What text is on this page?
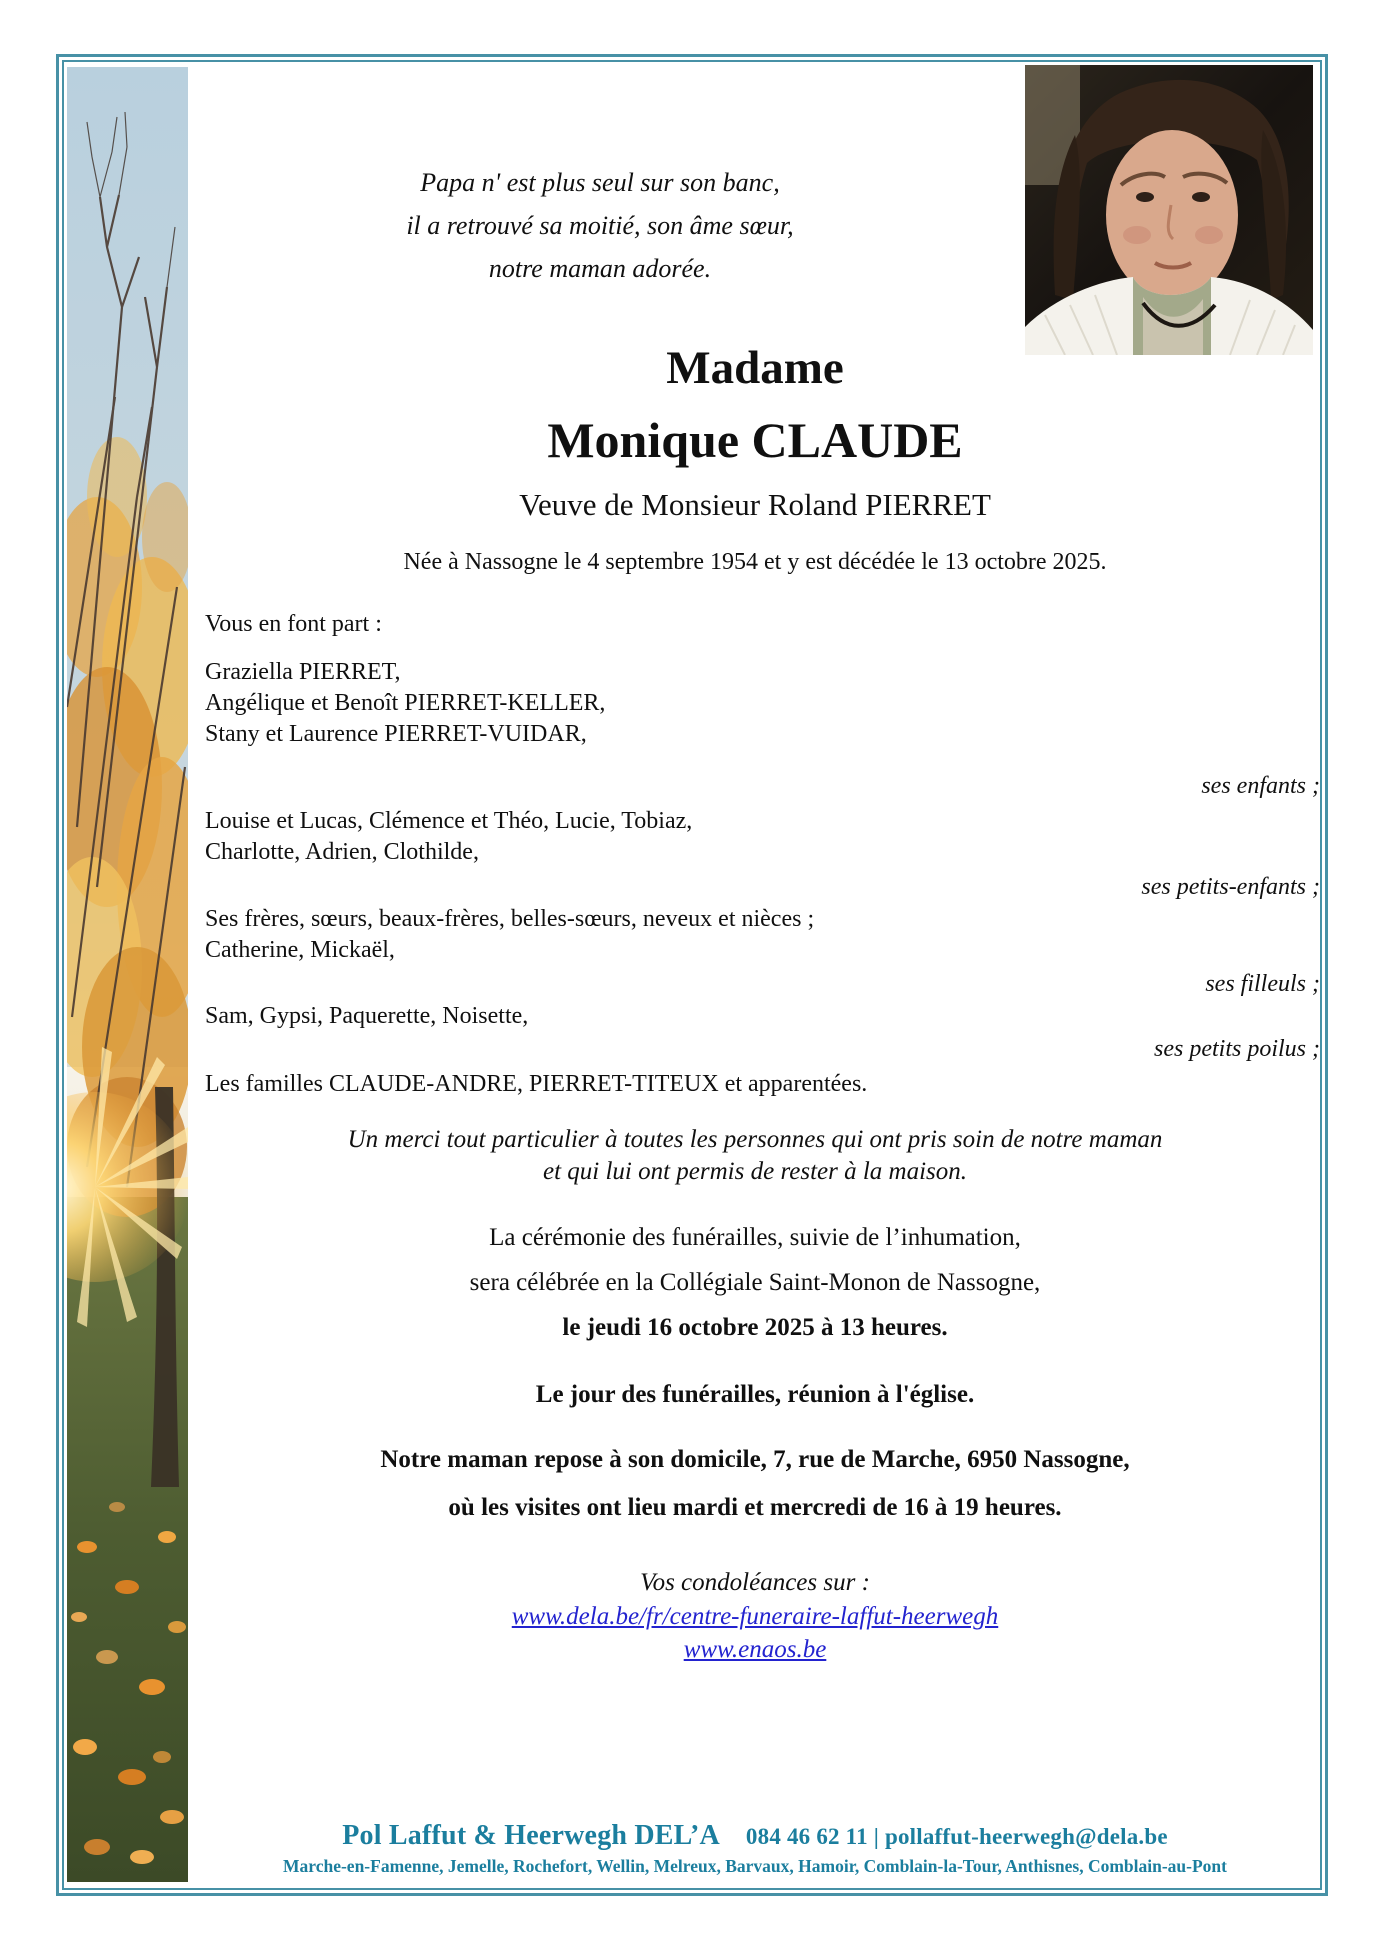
Papa n' est plus seul sur son banc,
il a retrouvé sa moitié, son âme sœur,
notre maman adorée.
Madame
Monique CLAUDE
Veuve de Monsieur Roland PIERRET
Née à Nassogne le 4 septembre 1954 et y est décédée le 13 octobre 2025.
Vous en font part :
Graziella PIERRET,
Angélique et Benoît PIERRET-KELLER,
Stany et Laurence PIERRET-VUIDAR,
ses enfants ;
Louise et Lucas, Clémence et Théo, Lucie, Tobiaz,
Charlotte, Adrien, Clothilde,
ses petits-enfants ;
Ses frères, sœurs, beaux-frères, belles-sœurs, neveux et nièces ;
Catherine, Mickaël,
ses filleuls ;
Sam, Gypsi, Paquerette, Noisette,
ses petits poilus ;
Les familles CLAUDE-ANDRE, PIERRET-TITEUX et apparentées.
Un merci tout particulier à toutes les personnes qui ont pris soin de notre maman
et qui lui ont permis de rester à la maison.
La cérémonie des funérailles, suivie de l’inhumation,
sera célébrée en la Collégiale Saint-Monon de Nassogne,
le jeudi 16 octobre 2025 à 13 heures.
Le jour des funérailles, réunion à l'église.
Notre maman repose à son domicile, 7, rue de Marche, 6950 Nassogne,
où les visites ont lieu mardi et mercredi de 16 à 19 heures.
Vos condoléances sur :
www.dela.be/fr/centre-funeraire-laffut-heerwegh
www.enaos.be
Pol Laffut & Heerwegh DEL’A 084 46 62 11 | pollaffut-heerwegh@dela.be
Marche-en-Famenne, Jemelle, Rochefort, Wellin, Melreux, Barvaux, Hamoir, Comblain-la-Tour, Anthisnes, Comblain-au-Pont
